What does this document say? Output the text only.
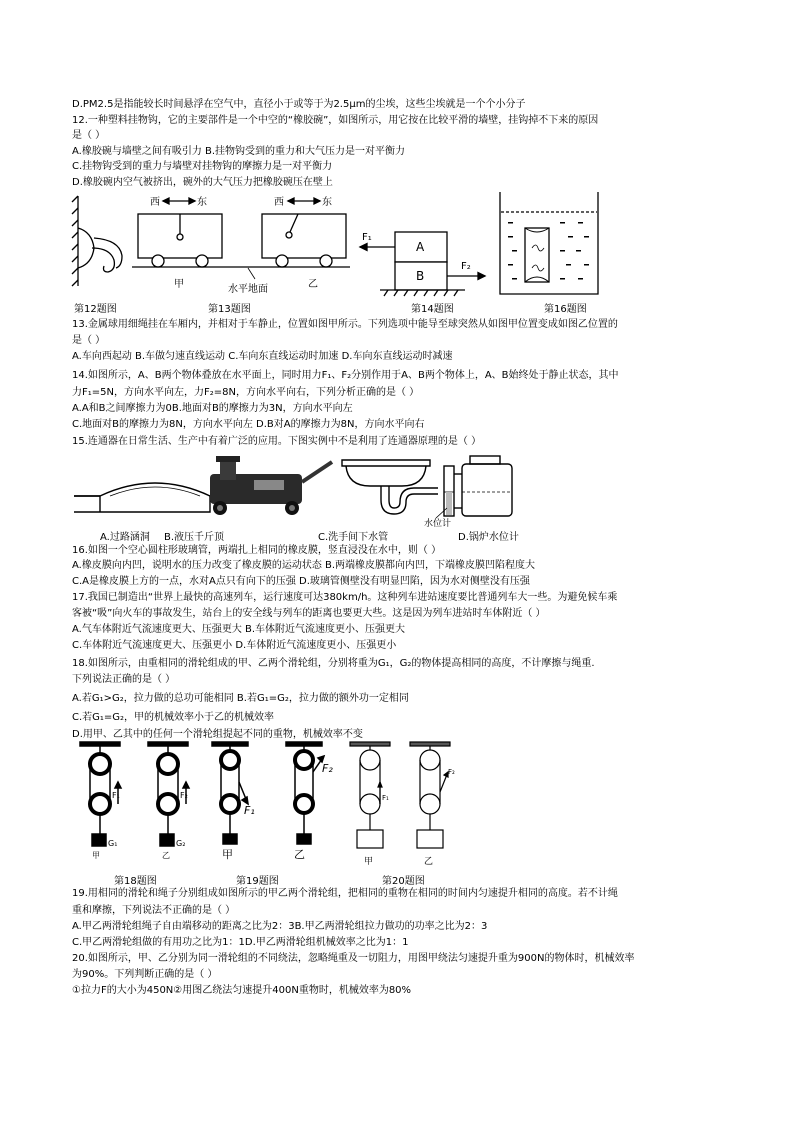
D.PM2.5是指能较长时间悬浮在空气中，直径小于或等于为2.5μm的尘埃，这些尘埃就是一个个小分子
12.一种塑料挂物钩，它的主要部件是一个中空的“橡胶碗”，如图所示，用它按在比较平滑的墙壁，挂钩掉不下来的原因
是（ ）
A.橡胶碗与墙壁之间有吸引力 B.挂物钩受到的重力和大气压力是一对平衡力
C.挂物钩受到的重力与墙壁对挂物钩的摩擦力是一对平衡力
D.橡胶碗内空气被挤出，碗外的大气压力把橡胶碗压在壁上
西	东	西	东
甲	乙
水平地面
A
B
F₁
F₂
第12题图	第13题图	第14题图	第16题图
13.金属球用细绳挂在车厢内，并相对于车静止，位置如图甲所示。下列选项中能导至球突然从如图甲位置变成如图乙位置的
是（ ）
A.车向西起动 B.车做匀速直线运动 C.车向东直线运动时加速 D.车向东直线运动时减速
14.如图所示，A、B两个物体叠放在水平面上，同时用力F₁、F₂分别作用于A、B两个物体上，A、B始终处于静止状态，其中
力F₁=5N，方向水平向左，力F₂=8N，方向水平向右，下列分析正确的是（ ）
A.A和B之间摩擦力为0B.地面对B的摩擦力为3N，方向水平向左
C.地面对B的摩擦力为8N，方向水平向左 D.B对A的摩擦力为8N，方向水平向右
15.连通器在日常生活、生产中有着广泛的应用。下图实例中不是利用了连通器原理的是（ ）
水位计
A.过路涵洞 B.液压千斤顶	C.洗手间下水管	D.锅炉水位计
16.如图一个空心圆柱形玻璃管，两端扎上相同的橡皮膜，竖直浸没在水中，则（ ）
A.橡皮膜向内凹，说明水的压力改变了橡皮膜的运动状态 B.两端橡皮膜都向内凹，下端橡皮膜凹陷程度大
C.A是橡皮膜上方的一点，水对A点只有向下的压强 D.玻璃管侧壁没有明显凹陷，因为水对侧壁没有压强
17.我国已制造出“世界上最快的高速列车，运行速度可达380km/h。这种列车进站速度要比普通列车大一些。为避免候车乘
客被“吸”向火车的事故发生，站台上的安全线与列车的距离也要更大些。这是因为列车进站时车体附近（ ）
A.气车体附近气流速度更大、压强更大 B.车体附近气流速度更小、压强更大
C.车体附近气流速度更大、压强更小 D.车体附近气流速度更小、压强更小
18.如图所示，由重相同的滑轮组成的甲、乙两个滑轮组，分别将重为G₁，G₂的物体提高相同的高度，不计摩擦与绳重.
下列说法正确的是（ ）
A.若G₁>G₂，拉力做的总功可能相同 B.若G₁=G₂，拉力做的额外功一定相同
C.若G₁=G₂，甲的机械效率小于乙的机械效率
D.用甲、乙其中的任何一个滑轮组提起不同的重物，机械效率不变
F₁	F₂
G₁	G₂
甲	乙
F₁
F₂
甲	乙
F₁
F₂
甲	乙
第18题图	第19题图	第20题图
19.用相同的滑轮和绳子分别组成如图所示的甲乙两个滑轮组，把相同的重物在相同的时间内匀速提升相同的高度。若不计绳
重和摩擦，下列说法不正确的是（ ）
A.甲乙两滑轮组绳子自由端移动的距离之比为2：3B.甲乙两滑轮组拉力做功的功率之比为2：3
C.甲乙两滑轮组做的有用功之比为1：1D.甲乙两滑轮组机械效率之比为1：1
20.如图所示，甲、乙分别为同一滑轮组的不同绕法，忽略绳重及一切阻力，用图甲绕法匀速提升重为900N的物体时，机械效率
为90%。下列判断正确的是（ ）
①拉力F的大小为450N②用图乙绕法匀速提升400N重物时，机械效率为80%
